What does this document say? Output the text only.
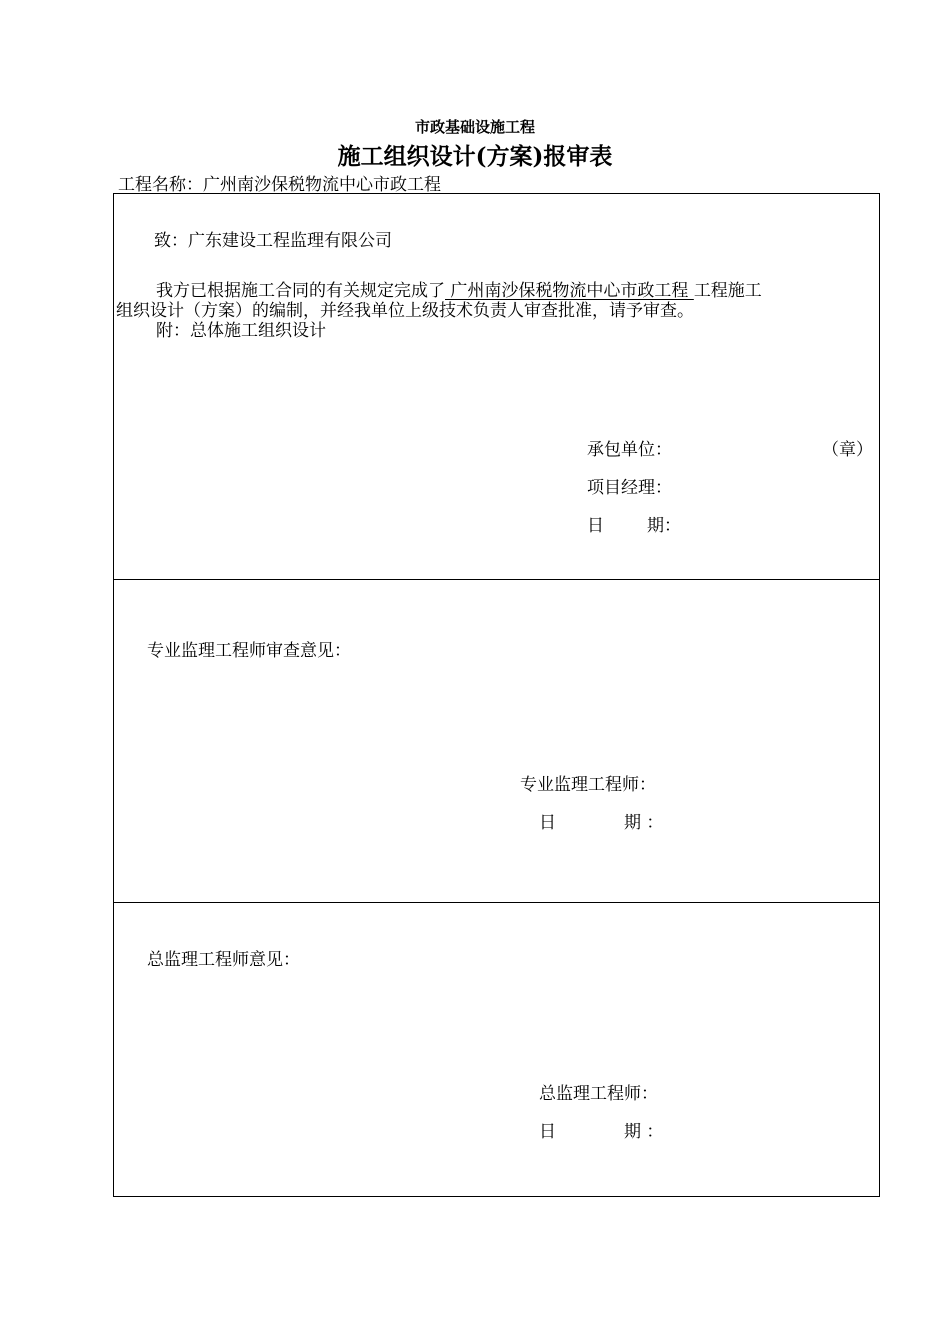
市政基础设施工程
施工组织设计(方案)报审表
工程名称：广州南沙保税物流中心市政工程
致：广东建设工程监理有限公司
我方已根据施工合同的有关规定完成了 广州南沙保税物流中心市政工程 工程施工
组织设计（方案）的编制，并经我单位上级技术负责人审查批准，请予审查。
附：总体施工组织设计
承包单位：	（章）
项目经理：
日	期：
专业监理工程师审查意见：
专业监理工程师：
日	期 ：
总监理工程师意见：
总监理工程师：
日	期 ：
